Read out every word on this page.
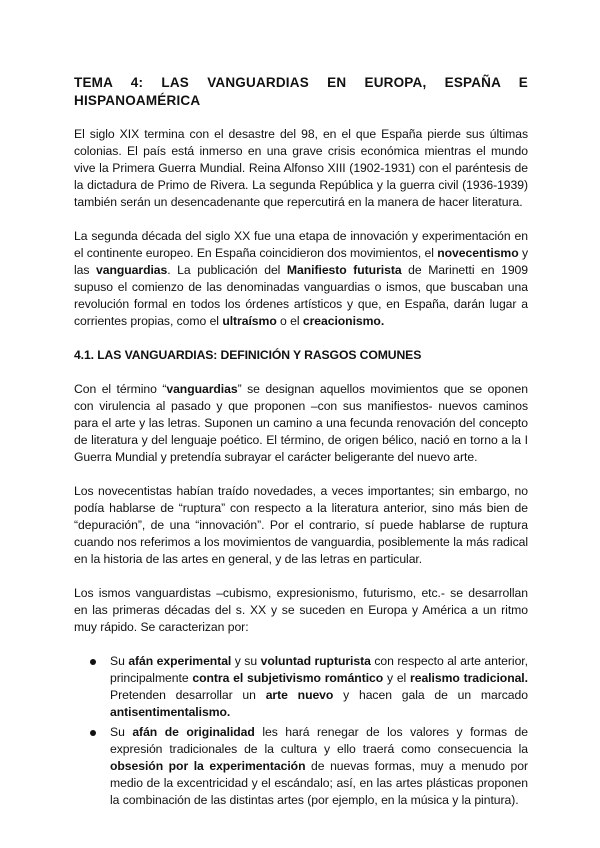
TEMA 4: LAS VANGUARDIAS EN EUROPA, ESPAÑA E
HISPANOAMÉRICA

El siglo XIX termina con el desastre del 98, en el que España pierde sus últimas colonias. El país está inmerso en una grave crisis económica mientras el mundo vive la Primera Guerra Mundial. Reina Alfonso XIII (1902-1931) con el paréntesis de la dictadura de Primo de Rivera. La segunda República y la guerra civil (1936-1939) también serán un desencadenante que repercutirá en la manera de hacer literatura.

La segunda década del siglo XX fue una etapa de innovación y experimentación en el continente europeo. En España coincidieron dos movimientos, el novecentismo y las vanguardias. La publicación del Manifiesto futurista de Marinetti en 1909 supuso el comienzo de las denominadas vanguardias o ismos, que buscaban una revolución formal en todos los órdenes artísticos y que, en España, darán lugar a corrientes propias, como el ultraísmo o el creacionismo.

4.1. LAS VANGUARDIAS: DEFINICIÓN Y RASGOS COMUNES

Con el término “vanguardias” se designan aquellos movimientos que se oponen con virulencia al pasado y que proponen –con sus manifiestos- nuevos caminos para el arte y las letras. Suponen un camino a una fecunda renovación del concepto de literatura y del lenguaje poético. El término, de origen bélico, nació en torno a la I Guerra Mundial y pretendía subrayar el carácter beligerante del nuevo arte.

Los novecentistas habían traído novedades, a veces importantes; sin embargo, no podía hablarse de “ruptura” con respecto a la literatura anterior, sino más bien de “depuración”, de una “innovación”. Por el contrario, sí puede hablarse de ruptura cuando nos referimos a los movimientos de vanguardia, posiblemente la más radical en la historia de las artes en general, y de las letras en particular.

Los ismos vanguardistas –cubismo, expresionismo, futurismo, etc.- se desarrollan en las primeras décadas del s. XX y se suceden en Europa y América a un ritmo muy rápido. Se caracterizan por:

Su afán experimental y su voluntad rupturista con respecto al arte anterior, principalmente contra el subjetivismo romántico y el realismo tradicional. Pretenden desarrollar un arte nuevo y hacen gala de un marcado antisentimentalismo.
Su afán de originalidad les hará renegar de los valores y formas de expresión tradicionales de la cultura y ello traerá como consecuencia la obsesión por la experimentación de nuevas formas, muy a menudo por medio de la excentricidad y el escándalo; así, en las artes plásticas proponen la combinación de las distintas artes (por ejemplo, en la música y la pintura).
